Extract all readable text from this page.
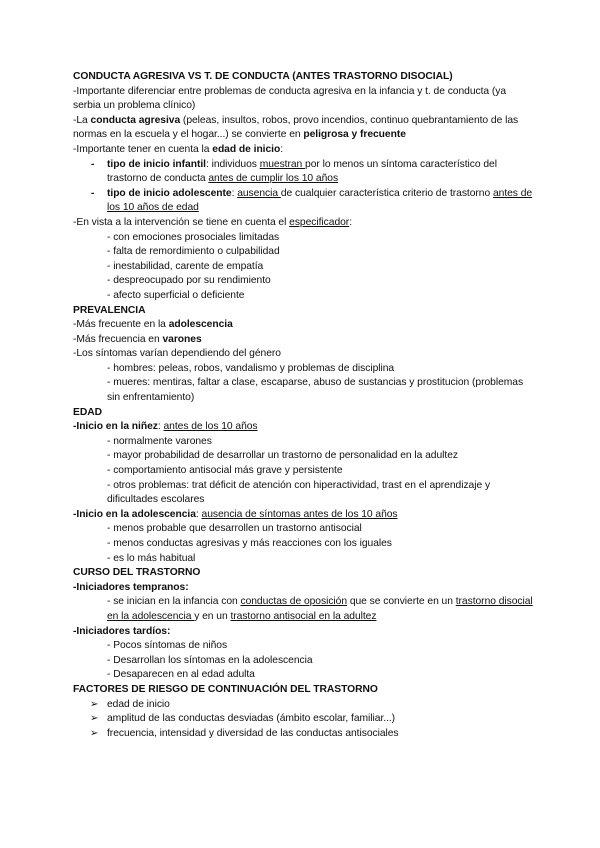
CONDUCTA AGRESIVA VS T. DE CONDUCTA (ANTES TRASTORNO DISOCIAL)
-Importante diferenciar entre problemas de conducta agresiva en la infancia y t. de conducta (ya serbia un problema clínico)
-La conducta agresiva (peleas, insultos, robos, provo incendios, continuo quebrantamiento de las normas en la escuela y el hogar...) se convierte en peligrosa y frecuente
-Importante tener en cuenta la edad de inicio:
- tipo de inicio infantil: individuos muestran por lo menos un síntoma característico del trastorno de conducta antes de cumplir los 10 años
- tipo de inicio adolescente: ausencia de cualquier característica criterio de trastorno antes de los 10 años de edad
-En vista a la intervención se tiene en cuenta el especificador:
- con emociones prosociales limitadas
- falta de remordimiento o culpabilidad
- inestabilidad, carente de empatía
- despreocupado por su rendimiento
- afecto superficial o deficiente
PREVALENCIA
-Más frecuente en la adolescencia
-Más frecuencia en varones
-Los síntomas varían dependiendo del género
- hombres: peleas, robos, vandalismo y problemas de disciplina
- mueres: mentiras, faltar a clase, escaparse, abuso de sustancias y prostitucion (problemas sin enfrentamiento)
EDAD
-Inicio en la niñez: antes de los 10 años
- normalmente varones
- mayor probabilidad de desarrollar un trastorno de personalidad en la adultez
- comportamiento antisocial más grave y persistente
- otros problemas: trat déficit de atención con hiperactividad, trast en el aprendizaje y dificultades escolares
-Inicio en la adolescencia: ausencia de síntomas antes de los 10 años
- menos probable que desarrollen un trastorno antisocial
- menos conductas agresivas y más reacciones con los iguales
- es lo más habitual
CURSO DEL TRASTORNO
-Iniciadores tempranos:
- se inician en la infancia con conductas de oposición que se convierte en un trastorno disocial en la adolescencia y en un trastorno antisocial en la adultez
-Iniciadores tardíos:
- Pocos síntomas de niños
- Desarrollan los síntomas en la adolescencia
- Desaparecen en al edad adulta
FACTORES DE RIESGO DE CONTINUACIÓN DEL TRASTORNO
➢ edad de inicio
➢ amplitud de las conductas desviadas (ámbito escolar, familiar...)
➢ frecuencia, intensidad y diversidad de las conductas antisociales
